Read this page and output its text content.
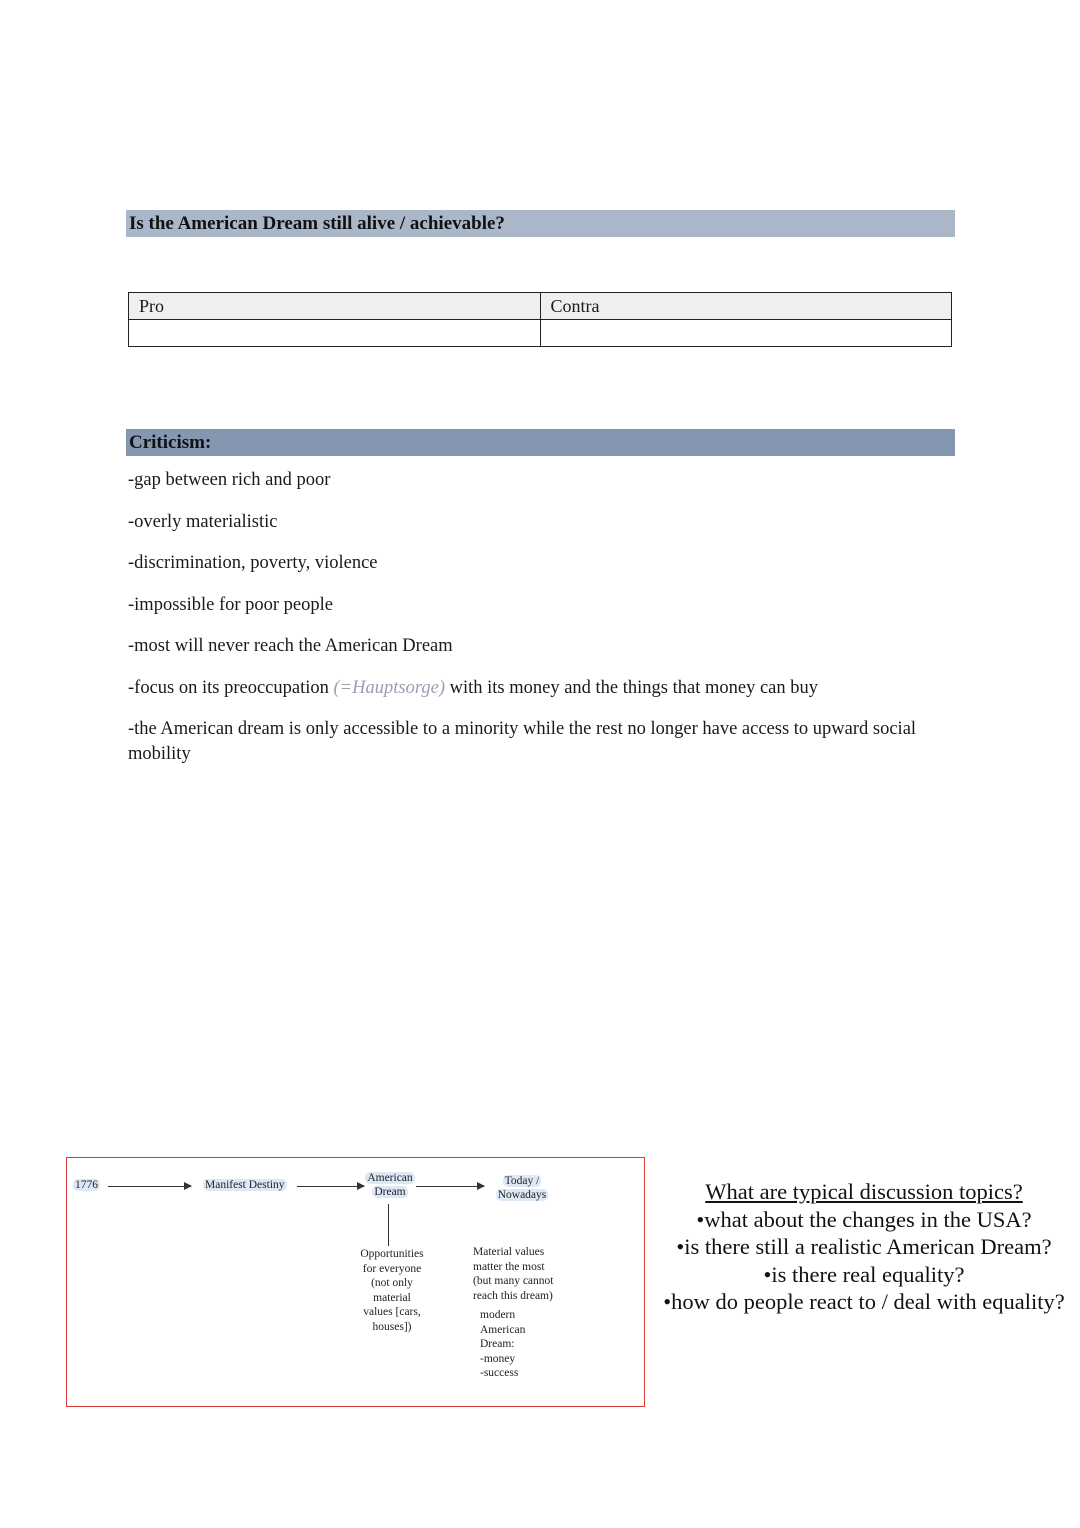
Is the American Dream still alive / achievable?
Pro	Contra

Criticism:
-gap between rich and poor
-overly materialistic
-discrimination, poverty, violence
-impossible for poor people
-most will never reach the American Dream
-focus on its preoccupation (=Hauptsorge) with its money and the things that money can buy
-the American dream is only accessible to a minority while the rest no longer have access to upward social mobility
1776	Manifest Destiny
American
Dream
Today /
Nowadays
Opportunities
for everyone
(not only
material
values [cars,
houses])
Material values
matter the most
(but many cannot
reach this dream)
modern
American
Dream:
-money
-success
What are typical discussion topics?
•what about the changes in the USA?
•is there still a realistic American Dream?
•is there real equality?
•how do people react to / deal with equality?
